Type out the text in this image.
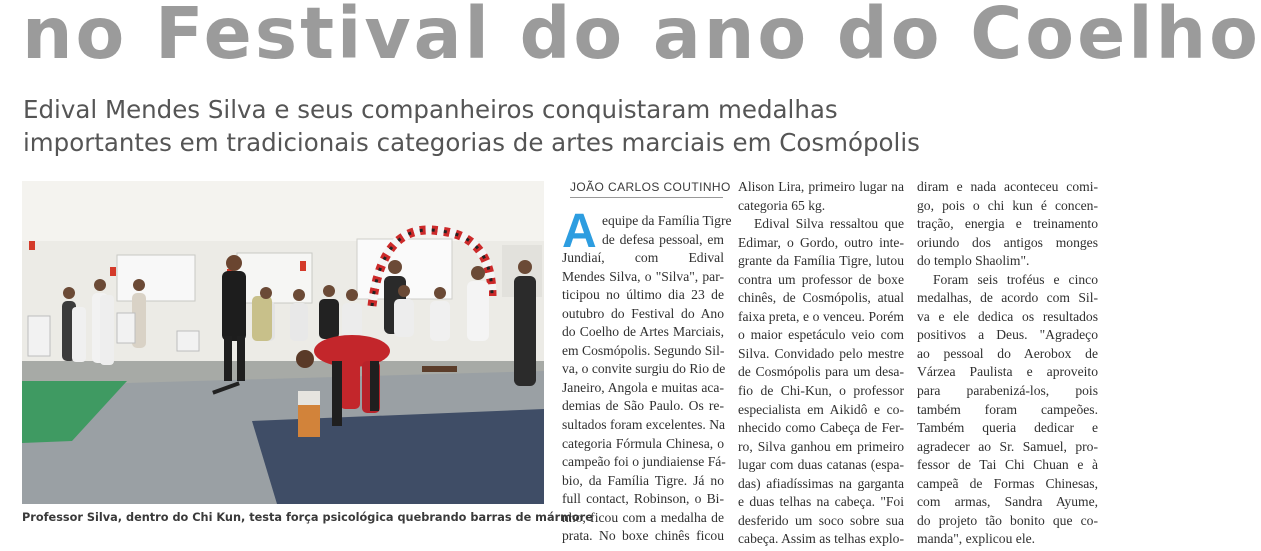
no Festival do ano do Coelho
Edival Mendes Silva e seus companheiros conquistaram medalhas
importantes em tradicionais categorias de artes marciais em Cosmópolis
Professor Silva, dentro do Chi Kun, testa força psicológica quebrando barras de mármore
JOÃO CARLOS COUTINHO
A equipe da Família Tigre
de defesa pessoal, em
Jundiaí, com Edival
Mendes Silva, o "Silva", par-
ticipou no último dia 23 de
outubro do Festival do Ano
do Coelho de Artes Marciais,
em Cosmópolis. Segundo Sil-
va, o convite surgiu do Rio de
Janeiro, Angola e muitas aca-
demias de São Paulo. Os re-
sultados foram excelentes. Na
categoria Fórmula Chinesa, o
campeão foi o jundiaiense Fá-
bio, da Família Tigre. Já no
full contact, Robinson, o Bi-
nho, ficou com a medalha de
prata. No boxe chinês ficou
Alison Lira, primeiro lugar na
categoria 65 kg.
Edival Silva ressaltou que
Edimar, o Gordo, outro inte-
grante da Família Tigre, lutou
contra um professor de boxe
chinês, de Cosmópolis, atual
faixa preta, e o venceu. Porém
o maior espetáculo veio com
Silva. Convidado pelo mestre
de Cosmópolis para um desa-
fio de Chi-Kun, o professor
especialista em Aikidô e co-
nhecido como Cabeça de Fer-
ro, Silva ganhou em primeiro
lugar com duas catanas (espa-
das) afiadíssimas na garganta
e duas telhas na cabeça. "Foi
desferido um soco sobre sua
cabeça. Assim as telhas explo-
diram e nada aconteceu comi-
go, pois o chi kun é concen-
tração, energia e treinamento
oriundo dos antigos monges
do templo Shaolim".
Foram seis troféus e cinco
medalhas, de acordo com Sil-
va e ele dedica os resultados
positivos a Deus. "Agradeço
ao pessoal do Aerobox de
Várzea Paulista e aproveito
para parabenizá-los, pois
também foram campeões.
Também queria dedicar e
agradecer ao Sr. Samuel, pro-
fessor de Tai Chi Chuan e à
campeã de Formas Chinesas,
com armas, Sandra Ayume,
do projeto tão bonito que co-
manda", explicou ele.
